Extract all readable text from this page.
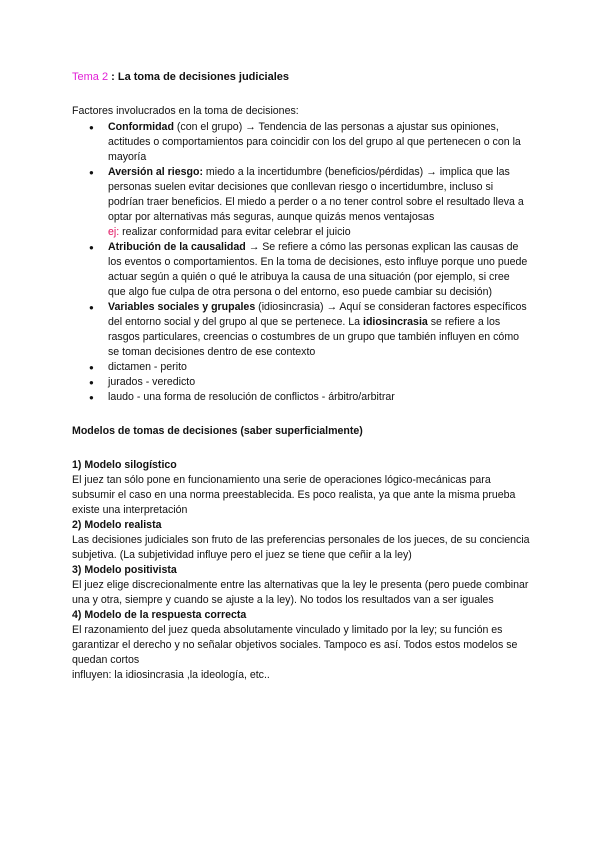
Tema 2 : La toma de decisiones judiciales
Factores involucrados en la toma de decisiones:
● Conformidad (con el grupo) → Tendencia de las personas a ajustar sus opiniones, actitudes o comportamientos para coincidir con los del grupo al que pertenecen o con la mayoría
● Aversión al riesgo: miedo a la incertidumbre (beneficios/pérdidas) → implica que las personas suelen evitar decisiones que conllevan riesgo o incertidumbre, incluso si podrían traer beneficios. El miedo a perder o a no tener control sobre el resultado lleva a optar por alternativas más seguras, aunque quizás menos ventajosas
ej: realizar conformidad para evitar celebrar el juicio
● Atribución de la causalidad → Se refiere a cómo las personas explican las causas de los eventos o comportamientos. En la toma de decisiones, esto influye porque uno puede actuar según a quién o qué le atribuya la causa de una situación (por ejemplo, si cree que algo fue culpa de otra persona o del entorno, eso puede cambiar su decisión)
● Variables sociales y grupales (idiosincrasia) → Aquí se consideran factores específicos del entorno social y del grupo al que se pertenece. La idiosincrasia se refiere a los rasgos particulares, creencias o costumbres de un grupo que también influyen en cómo se toman decisiones dentro de ese contexto
● dictamen - perito
● jurados - veredicto
● laudo - una forma de resolución de conflictos - árbitro/arbitrar
Modelos de tomas de decisiones (saber superficialmente)
1) Modelo silogístico

El juez tan sólo pone en funcionamiento una serie de operaciones lógico-mecánicas para subsumir el caso en una norma preestablecida. Es poco realista, ya que ante la misma prueba existe una interpretación

2) Modelo realista

Las decisiones judiciales son fruto de las preferencias personales de los jueces, de su conciencia subjetiva. (La subjetividad influye pero el juez se tiene que ceñir a la ley)

3) Modelo positivista

El juez elige discrecionalmente entre las alternativas que la ley le presenta (pero puede combinar una y otra, siempre y cuando se ajuste a la ley). No todos los resultados van a ser iguales

4) Modelo de la respuesta correcta

El razonamiento del juez queda absolutamente vinculado y limitado por la ley; su función es garantizar el derecho y no señalar objetivos sociales. Tampoco es así. Todos estos modelos se quedan cortos

influyen: la idiosincrasia ,la ideología, etc..
